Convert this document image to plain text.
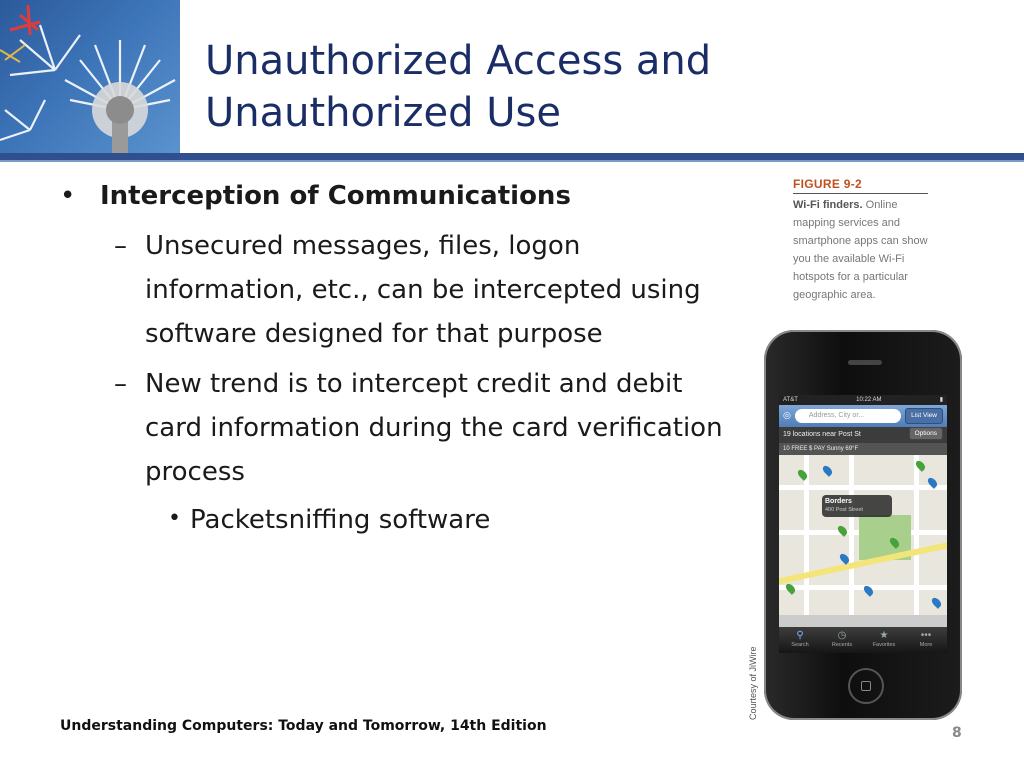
Unauthorized Access and
Unauthorized Use
• Interception of Communications
– Unsecured messages, files, logon information, etc., can be intercepted using software designed for that purpose
– New trend is to intercept credit and debit card information during the card verification process
• Packetsniffing software
FIGURE 9-2
Wi-Fi finders. Online mapping services and smartphone apps can show you the available Wi-Fi hotspots for a particular geographic area.
AT&T	10:22 AM	▮
◎	Address, City or...	List View
19 locations near Post St	Options
10 FREE $ PAY Sunny 69°F
Borders
400 Post Street
⚲
Search
◷
Recents
★
Favorites
•••
More
Courtesy of JiWire
Understanding Computers: Today and Tomorrow, 14th Edition	8
